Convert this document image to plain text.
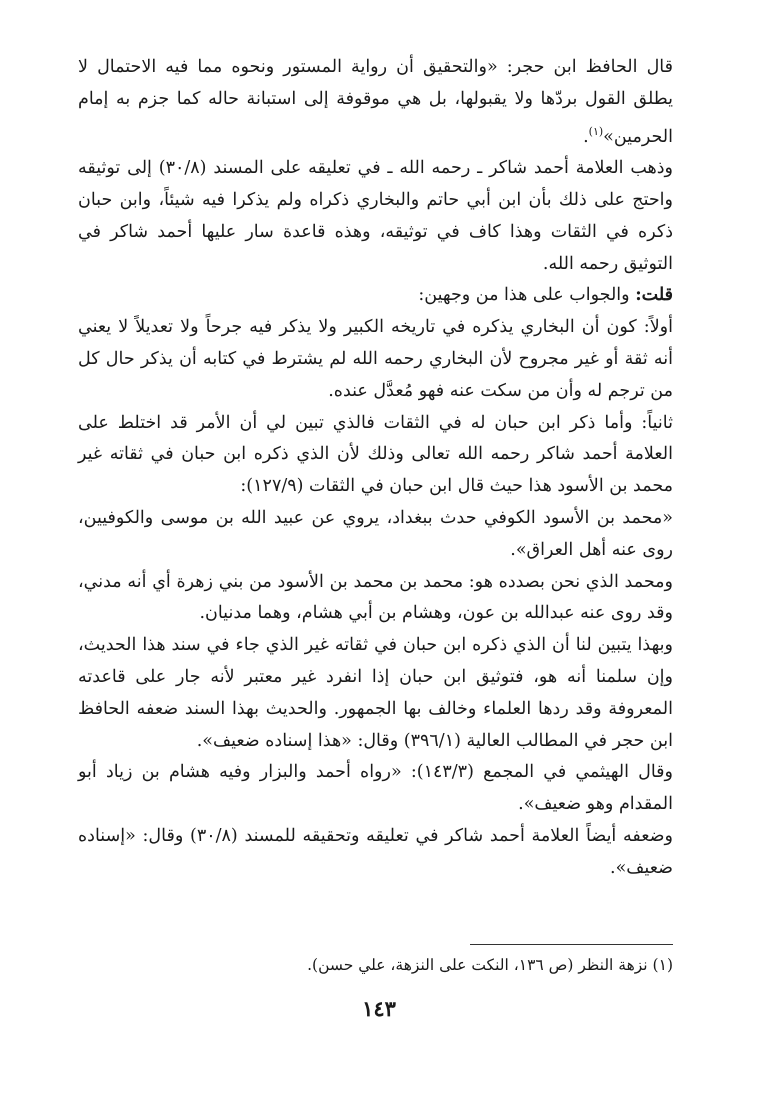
قال الحافظ ابن حجر: «والتحقيق أن رواية المستور ونحوه مما فيه الاحتمال لا يطلق القول بردّها ولا يقبولها، بل هي موقوفة إلى استبانة حاله كما جزم به إمام الحرمين»$^{(١)}$.

وذهب العلامة أحمد شاكر ـ رحمه الله ـ في تعليقه على المسند (٣٠/٨) إلى توثيقه واحتج على ذلك بأن ابن أبي حاتم والبخاري ذكراه ولم يذكرا فيه شيئاً، وابن حبان ذكره في الثقات وهذا كاف في توثيقه، وهذه قاعدة سار عليها أحمد شاكر في التوثيق رحمه الله.

قلت: والجواب على هذا من وجهين:

أولاً: كون أن البخاري يذكره في تاريخه الكبير ولا يذكر فيه جرحاً ولا تعديلاً لا يعني أنه ثقة أو غير مجروح لأن البخاري رحمه الله لم يشترط في كتابه أن يذكر حال كل من ترجم له وأن من سكت عنه فهو مُعدَّل عنده.

ثانياً: وأما ذكر ابن حبان له في الثقات فالذي تبين لي أن الأمر قد اختلط على العلامة أحمد شاكر رحمه الله تعالى وذلك لأن الذي ذكره ابن حبان في ثقاته غير محمد بن الأسود هذا حيث قال ابن حبان في الثقات (١٢٧/٩):

«محمد بن الأسود الكوفي حدث ببغداد، يروي عن عبيد الله بن موسى والكوفيين، روى عنه أهل العراق».

ومحمد الذي نحن بصدده هو: محمد بن محمد بن الأسود من بني زهرة أي أنه مدني، وقد روى عنه عبدالله بن عون، وهشام بن أبي هشام، وهما مدنيان.

وبهذا يتبين لنا أن الذي ذكره ابن حبان في ثقاته غير الذي جاء في سند هذا الحديث، وإن سلمنا أنه هو، فتوثيق ابن حبان إذا انفرد غير معتبر لأنه جار على قاعدته المعروفة وقد ردها العلماء وخالف بها الجمهور. والحديث بهذا السند ضعفه الحافظ ابن حجر في المطالب العالية (٣٩٦/١) وقال: «هذا إسناده ضعيف».

وقال الهيثمي في المجمع (١٤٣/٣): «رواه أحمد والبزار وفيه هشام بن زياد أبو المقدام وهو ضعيف».

وضعفه أيضاً العلامة أحمد شاكر في تعليقه وتحقيقه للمسند (٣٠/٨) وقال: «إسناده ضعيف».

(١) نزهة النظر (ص ١٣٦، النكت على النزهة، علي حسن).
١٤٣
